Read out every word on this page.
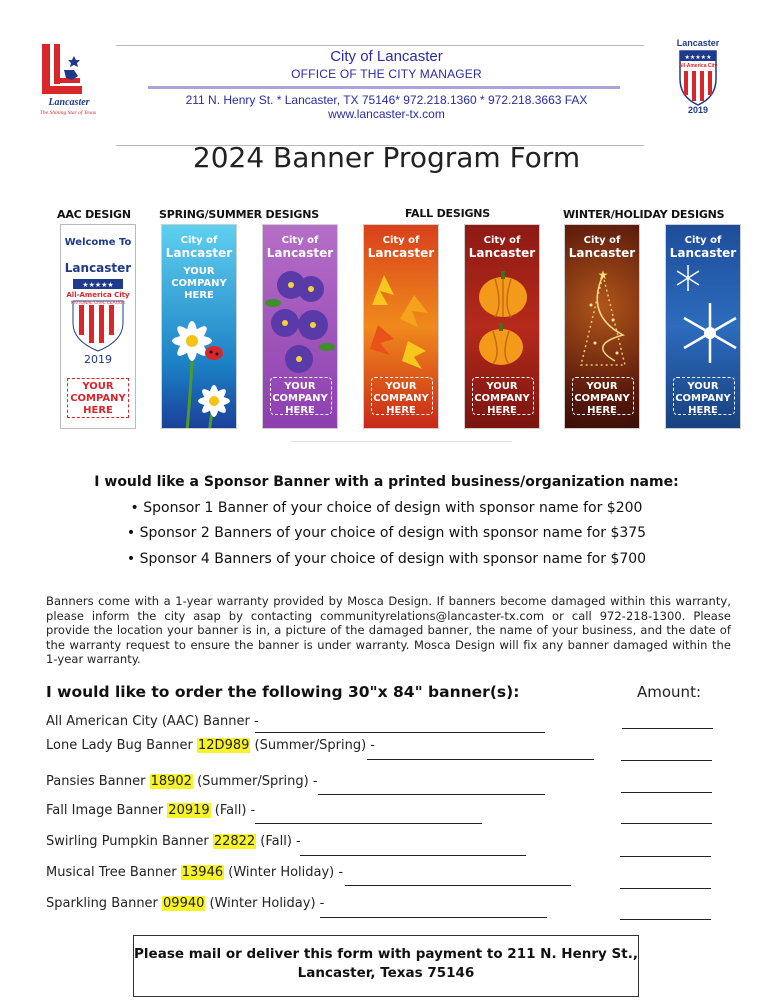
Lancaster
The Shining Star of Texas
City of Lancaster
OFFICE OF THE CITY MANAGER
211 N. Henry St. * Lancaster, TX 75146* 972.218.1360 * 972.218.3663 FAX
www.lancaster-tx.com
Lancaster
★★★★★
All-America City
2019
2024 Banner Program Form
AAC DESIGN	SPRING/SUMMER DESIGNS	FALL DESIGNS	WINTER/HOLIDAY DESIGNS
Welcome To
Lancaster
★★★★★
All-America City
NATIONAL CIVIC LEAGUE
2019
YOUR
COMPANY
HERE
City of
Lancaster
YOUR
COMPANY
HERE
City of
Lancaster
YOUR
COMPANY
HERE
City of
Lancaster
YOUR
COMPANY
HERE
City of
Lancaster
YOUR
COMPANY
HERE
City of
Lancaster
★
YOUR
COMPANY
HERE
City of
Lancaster
YOUR
COMPANY
HERE
I would like a Sponsor Banner with a printed business/organization name:
• Sponsor 1 Banner of your choice of design with sponsor name for $200
• Sponsor 2 Banners of your choice of design with sponsor name for $375
• Sponsor 4 Banners of your choice of design with sponsor name for $700
Banners come with a 1-year warranty provided by Mosca Design. If banners become damaged within this warranty, please inform the city asap by contacting communityrelations@lancaster-tx.com or call 972-218-1300. Please provide the location your banner is in, a picture of the damaged banner, the name of your business, and the date of the warranty request to ensure the banner is under warranty. Mosca Design will fix any banner damaged within the 1-year warranty.
I would like to order the following 30"x 84" banner(s):	Amount:
All American City (AAC) Banner -
Lone Lady Bug Banner 12D989 (Summer/Spring) -
Pansies Banner 18902 (Summer/Spring) -
Fall Image Banner 20919 (Fall) -
Swirling Pumpkin Banner 22822 (Fall) -
Musical Tree Banner 13946 (Winter Holiday) -
Sparkling Banner 09940 (Winter Holiday) -
Please mail or deliver this form with payment to 211 N. Henry St., Lancaster, Texas 75146
